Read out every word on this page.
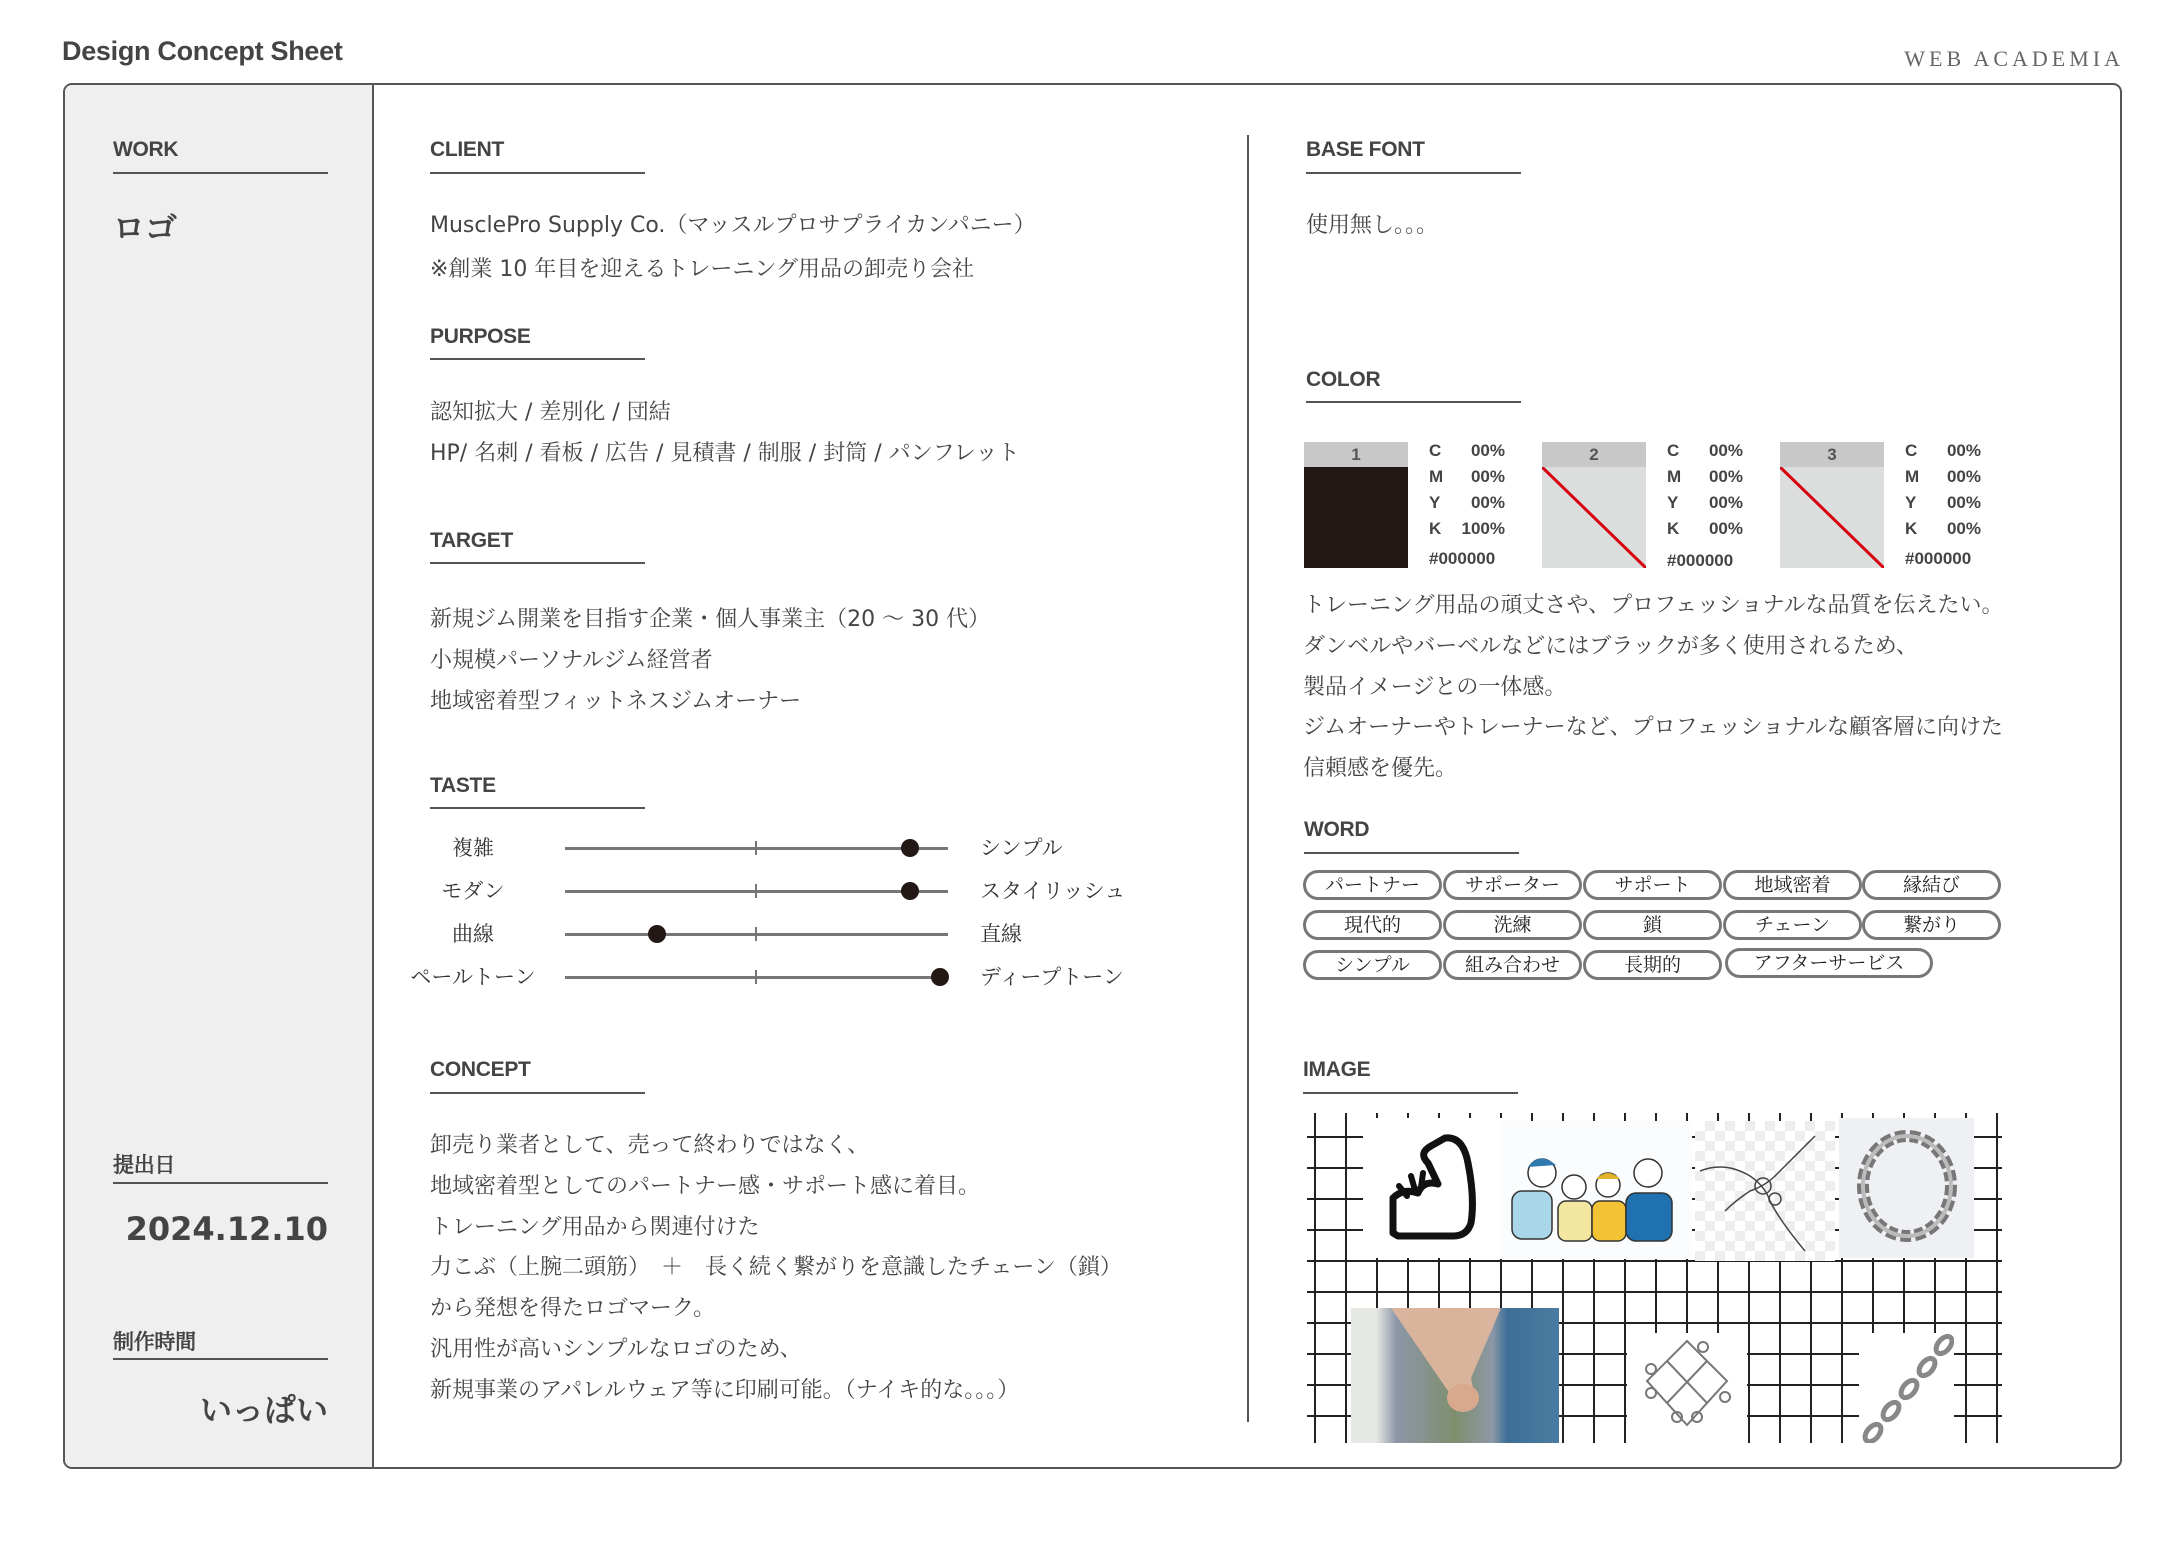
Design Concept Sheet	WEB ACADEMIA
WORK
ロゴ
提出日
2024.12.10
制作時間
いっぱい
CLIENT
MusclePro Supply Co.（マッスルプロサプライカンパニー）
※創業 10 年目を迎えるトレーニング用品の卸売り会社
PURPOSE
認知拡大 / 差別化 / 団結
HP/ 名刺 / 看板 / 広告 / 見積書 / 制服 / 封筒 / パンフレット
TARGET
新規ジム開業を目指す企業・個人事業主（20 〜 30 代）
小規模パーソナルジム経営者
地域密着型フィットネスジムオーナー
TASTE
複雑	シンプル
モダン	スタイリッシュ
曲線	直線
ペールトーン	ディープトーン
CONCEPT
卸売り業者として、売って終わりではなく、
地域密着型としてのパートナー感・サポート感に着目。
トレーニング用品から関連付けた
力こぶ（上腕二頭筋）　＋　長く続く繋がりを意識したチェーン（鎖）
から発想を得たロゴマーク。
汎用性が高いシンプルなロゴのため、
新規事業のアパレルウェア等に印刷可能。（ナイキ的な。。。）
BASE FONT
使用無し。。。
COLOR
1	C 00%
M 00%
Y 00%
K 100%
#000000
2	C 00%
M 00%
Y 00%
K 00%
#000000
3	C 00%
M 00%
Y 00%
K 00%
#000000
トレーニング用品の頑丈さや、プロフェッショナルな品質を伝えたい。
ダンベルやバーベルなどにはブラックが多く使用されるため、
製品イメージとの一体感。
ジムオーナーやトレーナーなど、プロフェッショナルな顧客層に向けた
信頼感を優先。
WORD
パートナー	サポーター	サポート	地域密着	縁結び
現代的	洗練	鎖	チェーン	繋がり
シンプル	組み合わせ	長期的	アフターサービス
IMAGE
